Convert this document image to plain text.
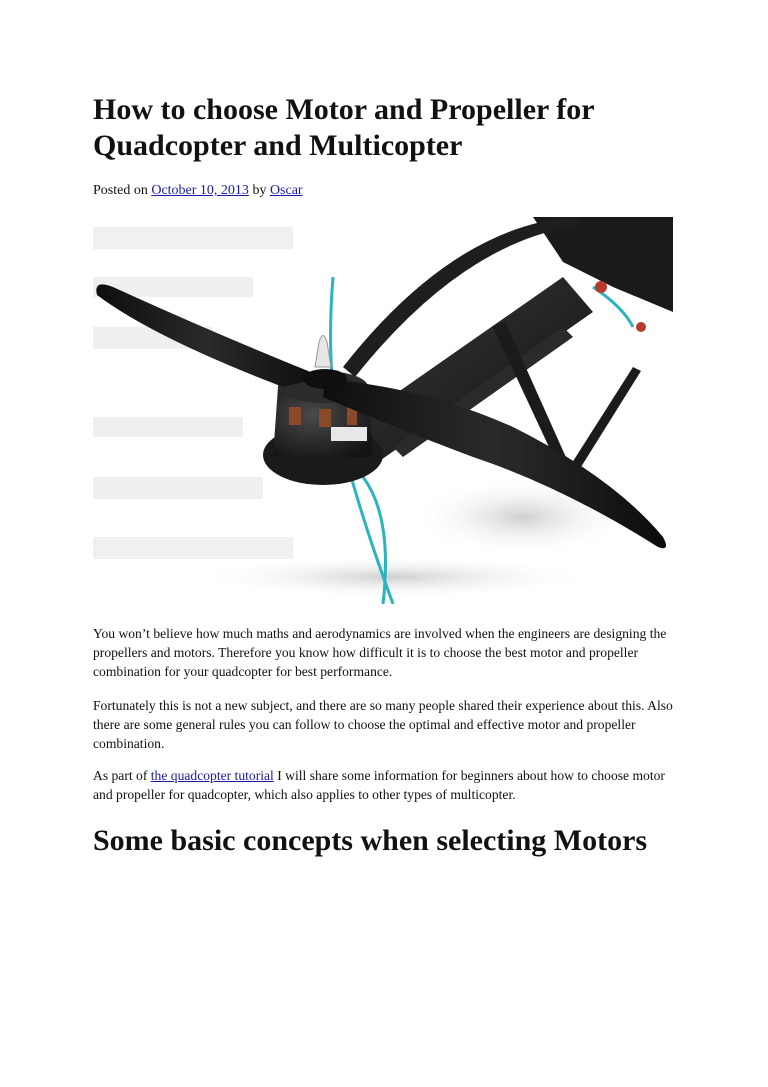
How to choose Motor and Propeller for Quadcopter and Multicopter
Posted on October 10, 2013 by Oscar

You won’t believe how much maths and aerodynamics are involved when the engineers are designing the propellers and motors. Therefore you know how difficult it is to choose the best motor and propeller combination for your quadcopter for best performance.

Fortunately this is not a new subject, and there are so many people shared their experience about this. Also there are some general rules you can follow to choose the optimal and effective motor and propeller combination.

As part of the quadcopter tutorial I will share some information for beginners about how to choose motor and propeller for quadcopter, which also applies to other types of multicopter.

Some basic concepts when selecting Motors
